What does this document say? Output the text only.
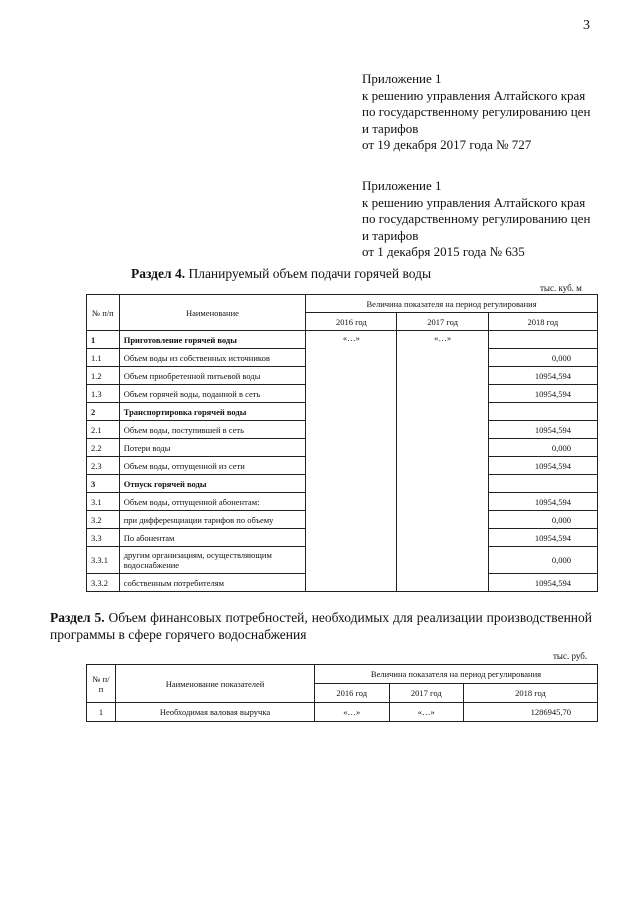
3
Приложение 1
к решению управления Алтайского края
по государственному регулированию цен
и тарифов
от 19 декабря 2017 года № 727
Приложение 1
к решению управления Алтайского края
по государственному регулированию цен
и тарифов
от 1 декабря 2015 года № 635
Раздел 4. Планируемый объем подачи горячей воды
тыс. куб. м
№ п/п	Наименование	Величина показателя на период регулирования		
		2016 год	2017 год	2018 год
1	Приготовление горячей воды	«…»	«…»	
1.1	Объем воды из собственных источников			0,000
1.2	Объем приобретенной питьевой воды			10954,594
1.3	Объем горячей воды, поданной в сеть			10954,594
2	Транспортировка горячей воды			
2.1	Объем воды, поступившей в сеть			10954,594
2.2	Потери воды			0,000
2.3	Объем воды, отпущенной из сети			10954,594
3	Отпуск горячей воды			
3.1	Объем воды, отпущенной абонентам:			10954,594
3.2	при дифференциации тарифов по объему			0,000
3.3	По абонентам			10954,594
3.3.1	другим организациям, осуществляющим водоснабжение			0,000
3.3.2	собственным потребителям			10954,594
Раздел 5. Объем финансовых потребностей, необходимых для реализации производственной программы в сфере горячего водоснабжения
тыс. руб.
№ п/п	Наименование показателей	Величина показателя на период регулирования		
		2016 год	2017 год	2018 год
1	Необходимая валовая выручка	«…»	«…»	1286945,70
